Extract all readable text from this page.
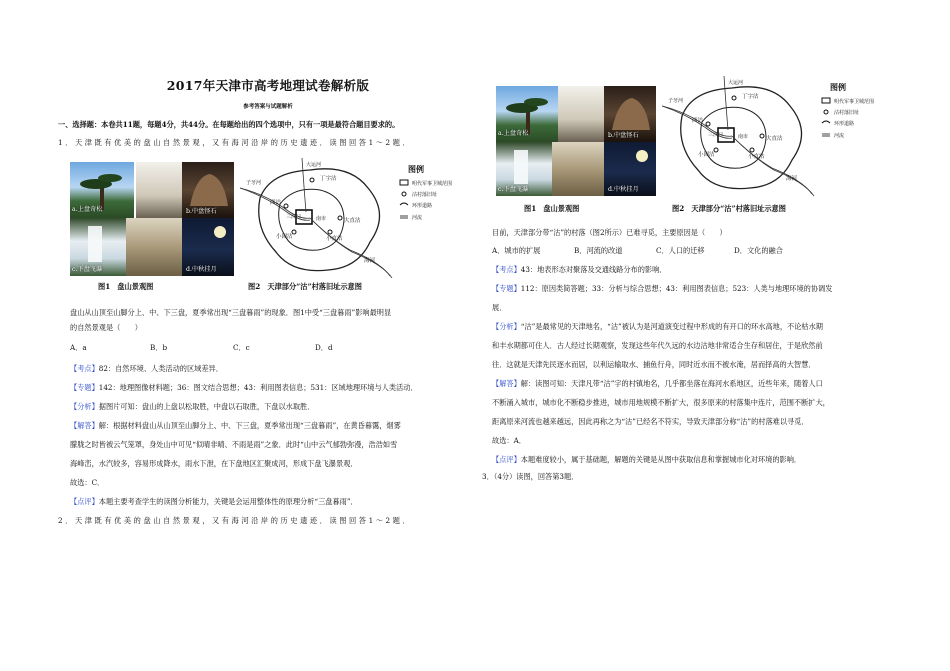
2017年天津市高考地理试卷解析版
参考答案与试题解析
一、选择题：本卷共11题，每题4分，共44分。在每题给出的四个选项中，只有一项是最符合题目要求的。
1．天津既有优美的盘山自然景观，又有海河沿岸的历史遗迹．读图回答1～2题．
a.上盘奇松	b.中盘怪石
c.下盘飞瀑	d.中秋挂月
丁字沽
西沽
三汊口	南市
小园沽
大直沽
小直沽
海河
子牙河
大运河	图例
明代军事卫城范围
沽村落旧址
环形道路
河流
图1　盘山景观图	图2　天津部分“沽”村落旧址示意图
盘山从山顶至山脚分上、中、下三盘，夏季常出现“三盘暮雨”的现象．图1中受“三盘暮雨”影响最明显
的自然景观是（　　）
A．a	B．b	C．c	D．d
【考点】82：自然环境、人类活动的区域差异．
【专题】142：地理图像材料题；36：图文结合思想；43：利用图表信息；531：区域地理环境与人类活动．
【分析】据图片可知：盘山的上盘以松取胜，中盘以石取胜，下盘以水取胜．
【解答】解：根据材料盘山从山顶至山脚分上、中、下三盘，夏季常出现“三盘暮雨”，在黄昏暮霭，烟雾
朦胧之时皆被云气笼罩，身处山中可见“似晴非晴、不雨是雨”之象．此时“山中云气郁勃弥漫，浩浩如雪
海峰峦，水汽较多，容易形成降水，雨水下泄，在下盘地区汇聚成河，形成下盘飞瀑景观．
故选：C．
【点评】本题主要考查学生的读图分析能力，关键是会运用整体性的原理分析“三盘暮雨”．
2．天津既有优美的盘山自然景观，又有海河沿岸的历史遗迹．读图回答1～2题．
a.上盘奇松	b.中盘怪石
c.下盘飞瀑	d.中秋挂月
丁字沽
西沽
三汊口	南市
小园沽
大直沽
小直沽
海河
子牙河
大运河	图例
明代军事卫城范围
沽村落旧址
环形道路
河流
图1　盘山景观图	图2　天津部分“沽”村落旧址示意图
目前，天津部分带“沽”的村落（图2所示）已难寻觅，主要原因是（　　）
A．城市的扩展	B．河流的改道	C．人口的迁移	D．文化的融合
【考点】43：地表形态对聚落及交通线路分布的影响．
【专题】112：原因类简答题；33：分析与综合思想；43：利用图表信息；523：人类与地理环境的协调发
展．
【分析】“沽”是最常见的天津地名，“沽”被认为是河道演变过程中形成的有开口的环水高地，不论枯水期
和丰水期都可住人．古人经过长期观察，发现这些年代久远的水边沽地非常适合生存和居住，于是欣然前
往．这就是天津先民逐水而居，以利运输取水、捕鱼行舟，同时近水而不被水淹，居而择高的大智慧．
【解答】解：读图可知：天津凡带“沽”字的村镇地名，几乎都坐落在海河水系地区，近些年来，随着人口
不断涌入城市，城市化不断稳步推进，城市用地规模不断扩大，很多原来的村落集中连片，范围不断扩大，
距离原来河流也越来越远，因此再称之为“沽”已经名不符实，导致天津部分称“沽”的村落难以寻觅．
故选：A．
【点评】本题难度较小，属于基础题，解题的关键是从图中获取信息和掌握城市化对环境的影响．
3．（4分）读图，回答第3题．
